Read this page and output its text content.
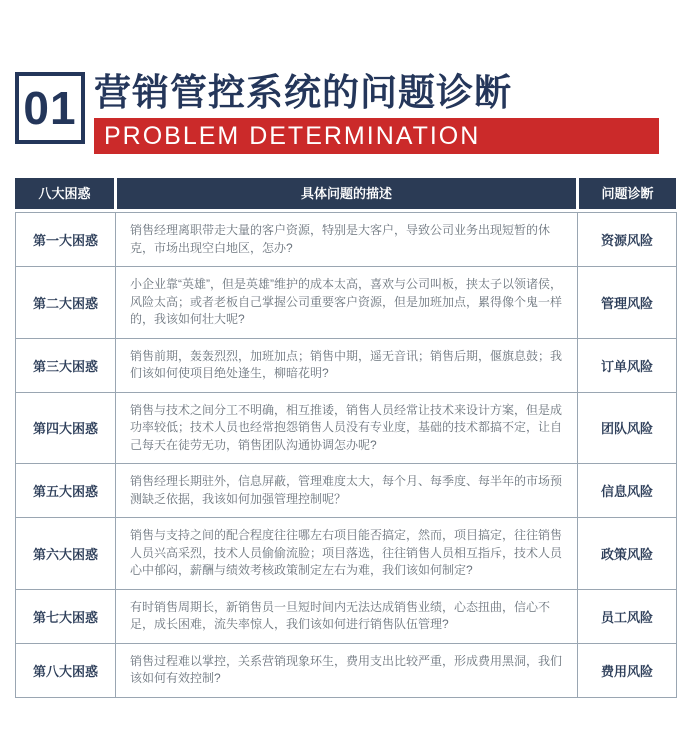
01 营销管控系统的问题诊断
PROBLEM DETERMINATION
八大困惑	具体问题的描述	问题诊断
第一大困惑	销售经理离职带走大量的客户资源，特别是大客户，导致公司业务出现短暂的休克，市场出现空白地区，怎办?	资源风险
第二大困惑	小企业靠“英雄”，但是英雄”维护的成本太高，喜欢与公司叫板，挟太子以领诸侯，风险太高；或者老板自己掌握公司重要客户资源，但是加班加点，累得像个鬼一样的，我该如何壮大呢?	管理风险
第三大困惑	销售前期，轰轰烈烈，加班加点；销售中期，遥无音讯；销售后期，偃旗息鼓；我们该如何使项目绝处逢生，柳暗花明?	订单风险
第四大困惑	销售与技术之间分工不明确，相互推诿，销售人员经常让技术来设计方案，但是成功率较低；技术人员也经常抱怨销售人员没有专业度，基础的技术都搞不定，让自己每天在徒劳无功，销售团队沟通协调怎办呢?	团队风险
第五大困惑	销售经理长期驻外，信息屏蔽，管理难度太大，每个月、每季度、每半年的市场预测缺乏依据，我该如何加强管理控制呢？	信息风险
第六大困惑	销售与支持之间的配合程度往往哪左右项目能否搞定，然而，项目搞定，往往销售人员兴高采烈，技术人员偷偷流脸；项目落选，往往销售人员相互指斥，技术人员心中郁闷，薪酬与绩效考核政策制定左右为难，我们该如何制定?	政策风险
第七大困惑	有时销售周期长，新销售员一旦短时间内无法达成销售业绩，心态扭曲，信心不足，成长困难，流失率惊人，我们该如何进行销售队伍管理?	员工风险
第八大困惑	销售过程难以掌控，关系营销现象环生，费用支出比较严重，形成费用黑洞，我们该如何有效控制?	费用风险
